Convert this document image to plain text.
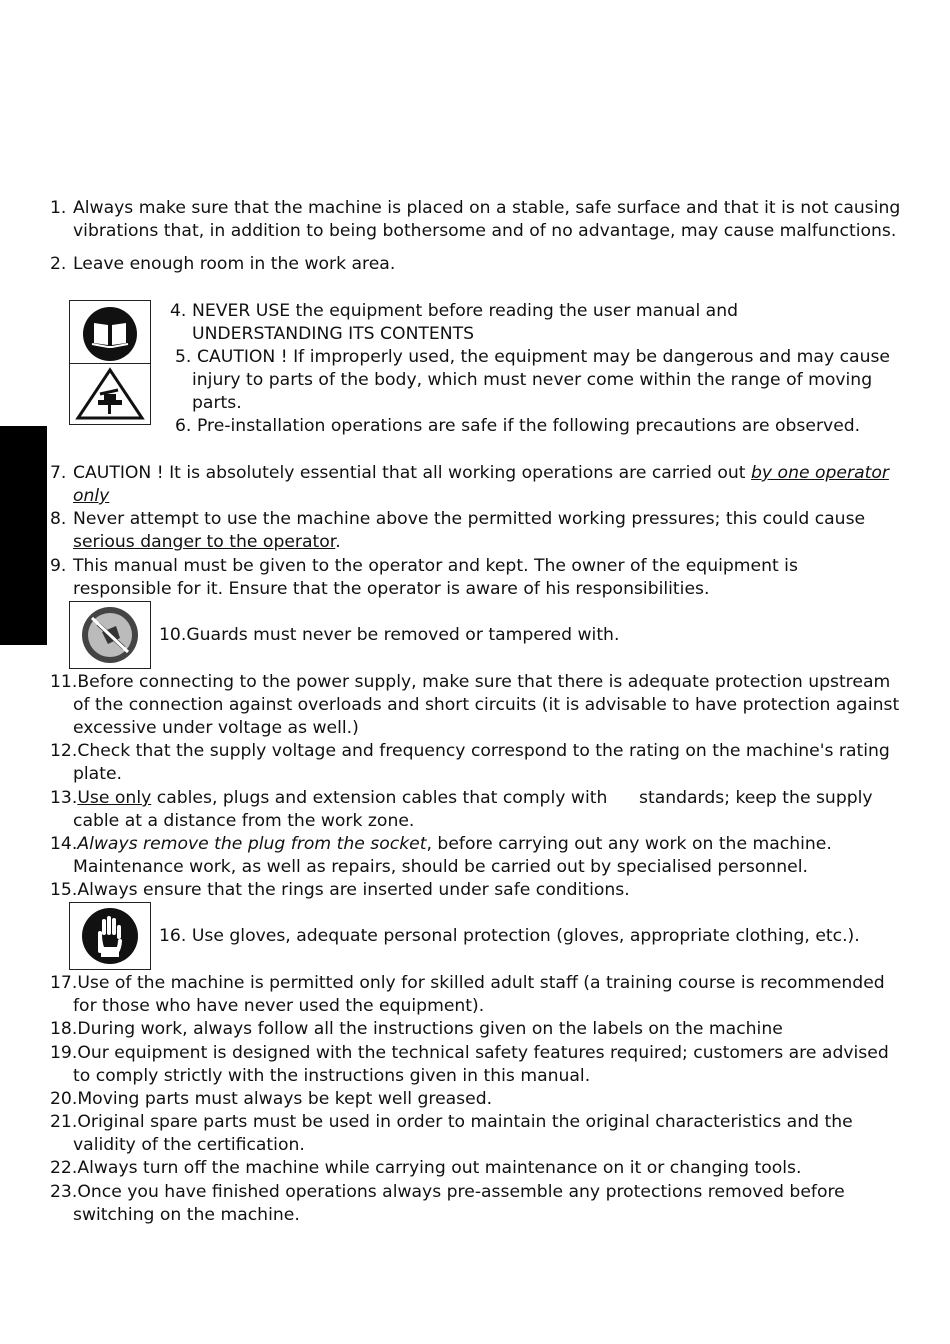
1. Always make sure that the machine is placed on a stable, safe surface and that it is not causing
vibrations that, in addition to being bothersome and of no advantage, may cause malfunctions.
2. Leave enough room in the work area.
4. NEVER USE the equipment before reading the user manual and
UNDERSTANDING ITS CONTENTS
5. CAUTION ! If improperly used, the equipment may be dangerous and may cause
injury to parts of the body, which must never come within the range of moving
parts.
6. Pre-installation operations are safe if the following precautions are observed.
7. CAUTION ! It is absolutely essential that all working operations are carried out by one operator
only
8. Never attempt to use the machine above the permitted working pressures; this could cause
serious danger to the operator.
9. This manual must be given to the operator and kept. The owner of the equipment is
responsible for it. Ensure that the operator is aware of his responsibilities.
10.Guards must never be removed or tampered with.
11.Before connecting to the power supply, make sure that there is adequate protection upstream
of the connection against overloads and short circuits (it is advisable to have protection against
excessive under voltage as well.)
12.Check that the supply voltage and frequency correspond to the rating on the machine's rating
plate.
13.Use only cables, plugs and extension cables that comply with standards; keep the supply
cable at a distance from the work zone.
14.Always remove the plug from the socket, before carrying out any work on the machine.
Maintenance work, as well as repairs, should be carried out by specialised personnel.
15.Always ensure that the rings are inserted under safe conditions.
16. Use gloves, adequate personal protection (gloves, appropriate clothing, etc.).
17.Use of the machine is permitted only for skilled adult staff (a training course is recommended
for those who have never used the equipment).
18.During work, always follow all the instructions given on the labels on the machine
19.Our equipment is designed with the technical safety features required; customers are advised
to comply strictly with the instructions given in this manual.
20.Moving parts must always be kept well greased.
21.Original spare parts must be used in order to maintain the original characteristics and the
validity of the certification.
22.Always turn off the machine while carrying out maintenance on it or changing tools.
23.Once you have finished operations always pre-assemble any protections removed before
switching on the machine.
